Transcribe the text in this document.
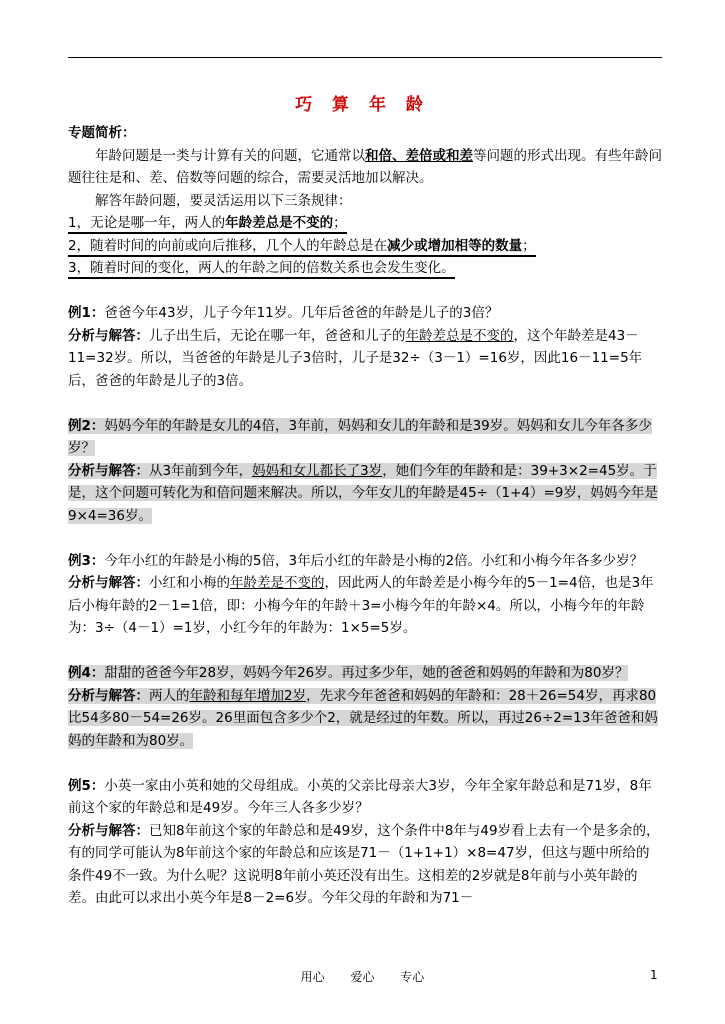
巧 算 年 龄

专题简析：

年龄问题是一类与计算有关的问题，它通常以和倍、差倍或和差等问题的形式出现。有些年龄问题往往是和、差、倍数等问题的综合，需要灵活地加以解决。

解答年龄问题，要灵活运用以下三条规律：

1，无论是哪一年，两人的年龄差总是不变的；

2，随着时间的向前或向后推移，几个人的年龄总是在减少或增加相等的数量；

3，随着时间的变化，两人的年龄之间的倍数关系也会发生变化。

例1：爸爸今年43岁，儿子今年11岁。几年后爸爸的年龄是儿子的3倍？

分析与解答：儿子出生后，无论在哪一年，爸爸和儿子的年龄差总是不变的，这个年龄差是43－11=32岁。所以，当爸爸的年龄是儿子3倍时，儿子是32÷（3－1）=16岁，因此16－11=5年后，爸爸的年龄是儿子的3倍。

例2：妈妈今年的年龄是女儿的4倍，3年前，妈妈和女儿的年龄和是39岁。妈妈和女儿今年各多少岁？

分析与解答：从3年前到今年，妈妈和女儿都长了3岁，她们今年的年龄和是：39+3×2=45岁。于是，这个问题可转化为和倍问题来解决。所以，今年女儿的年龄是45÷（1+4）=9岁，妈妈今年是9×4=36岁。

例3：今年小红的年龄是小梅的5倍，3年后小红的年龄是小梅的2倍。小红和小梅今年各多少岁？

分析与解答：小红和小梅的年龄差是不变的，因此两人的年龄差是小梅今年的5－1=4倍，也是3年后小梅年龄的2－1=1倍，即：小梅今年的年龄＋3=小梅今年的年龄×4。所以，小梅今年的年龄为：3÷（4－1）=1岁，小红今年的年龄为：1×5=5岁。

例4：甜甜的爸爸今年28岁，妈妈今年26岁。再过多少年，她的爸爸和妈妈的年龄和为80岁？

分析与解答：两人的年龄和每年增加2岁，先求今年爸爸和妈妈的年龄和：28＋26=54岁，再求80比54多80－54=26岁。26里面包含多少个2，就是经过的年数。所以，再过26÷2=13年爸爸和妈妈的年龄和为80岁。

例5：小英一家由小英和她的父母组成。小英的父亲比母亲大3岁，今年全家年龄总和是71岁，8年前这个家的年龄总和是49岁。今年三人各多少岁？

分析与解答：已知8年前这个家的年龄总和是49岁，这个条件中8年与49岁看上去有一个是多余的，有的同学可能认为8年前这个家的年龄总和应该是71－（1+1+1）×8=47岁，但这与题中所给的条件49不一致。为什么呢？这说明8年前小英还没有出生。这相差的2岁就是8年前与小英年龄的差。由此可以求出小英今年是8－2=6岁。今年父母的年龄和为71－

用心 爱心 专心	1
